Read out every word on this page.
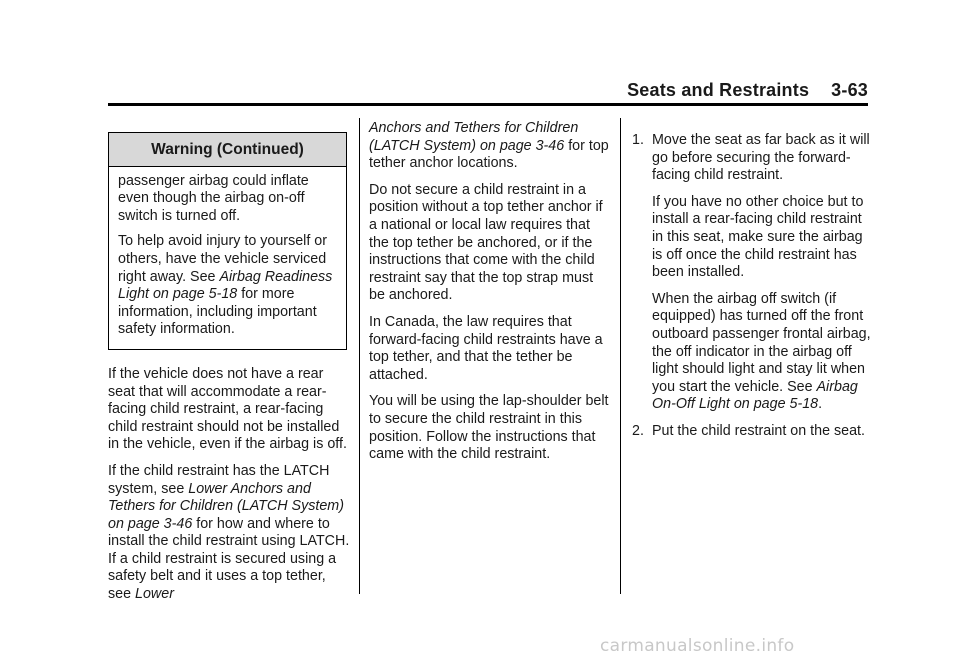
Seats and Restraints 3-63
Warning (Continued)

passenger airbag could inflate even though the airbag on-off switch is turned off.

To help avoid injury to yourself or others, have the vehicle serviced right away. See Airbag Readiness Light on page 5-18 for more information, including important safety information.

If the vehicle does not have a rear seat that will accommodate a rear-facing child restraint, a rear-facing child restraint should not be installed in the vehicle, even if the airbag is off.

If the child restraint has the LATCH system, see Lower Anchors and Tethers for Children (LATCH System) on page 3-46 for how and where to install the child restraint using LATCH. If a child restraint is secured using a safety belt and it uses a top tether, see Lower

Anchors and Tethers for Children (LATCH System) on page 3-46 for top tether anchor locations.

Do not secure a child restraint in a position without a top tether anchor if a national or local law requires that the top tether be anchored, or if the instructions that come with the child restraint say that the top strap must be anchored.

In Canada, the law requires that forward-facing child restraints have a top tether, and that the tether be attached.

You will be using the lap-shoulder belt to secure the child restraint in this position. Follow the instructions that came with the child restraint.

1. Move the seat as far back as it will go before securing the forward-facing child restraint.

If you have no other choice but to install a rear-facing child restraint in this seat, make sure the airbag is off once the child restraint has been installed.

When the airbag off switch (if equipped) has turned off the front outboard passenger frontal airbag, the off indicator in the airbag off light should light and stay lit when you start the vehicle. See Airbag On-Off Light on page 5-18.

2. Put the child restraint on the seat.

carmanualsonline.info
